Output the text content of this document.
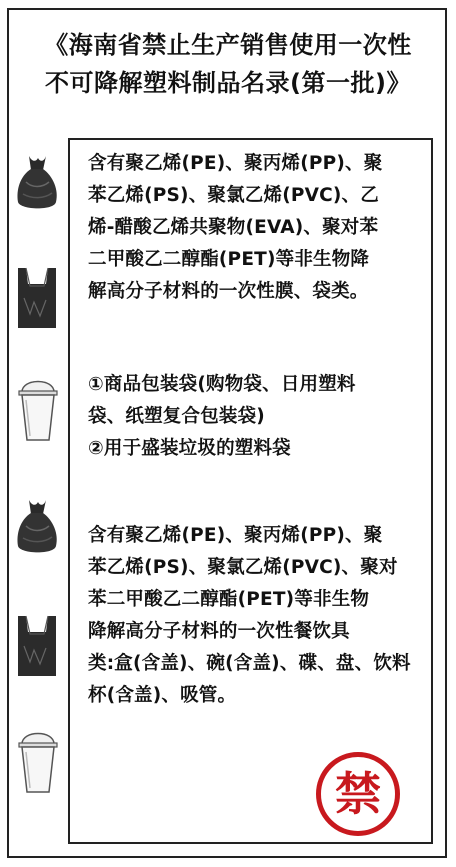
《海南省禁止生产销售使用一次性
不可降解塑料制品名录(第一批)》
含有聚乙烯(PE)、聚丙烯(PP)、聚
苯乙烯(PS)、聚氯乙烯(PVC)、乙
烯-醋酸乙烯共聚物(EVA)、聚对苯
二甲酸乙二醇酯(PET)等非生物降
解高分子材料的一次性膜、袋类。
①商品包装袋(购物袋、日用塑料
袋、纸塑复合包装袋)
②用于盛装垃圾的塑料袋
含有聚乙烯(PE)、聚丙烯(PP)、聚
苯乙烯(PS)、聚氯乙烯(PVC)、聚对
苯二甲酸乙二醇酯(PET)等非生物
降解高分子材料的一次性餐饮具
类:盒(含盖)、碗(含盖)、碟、盘、饮料
杯(含盖)、吸管。
禁
